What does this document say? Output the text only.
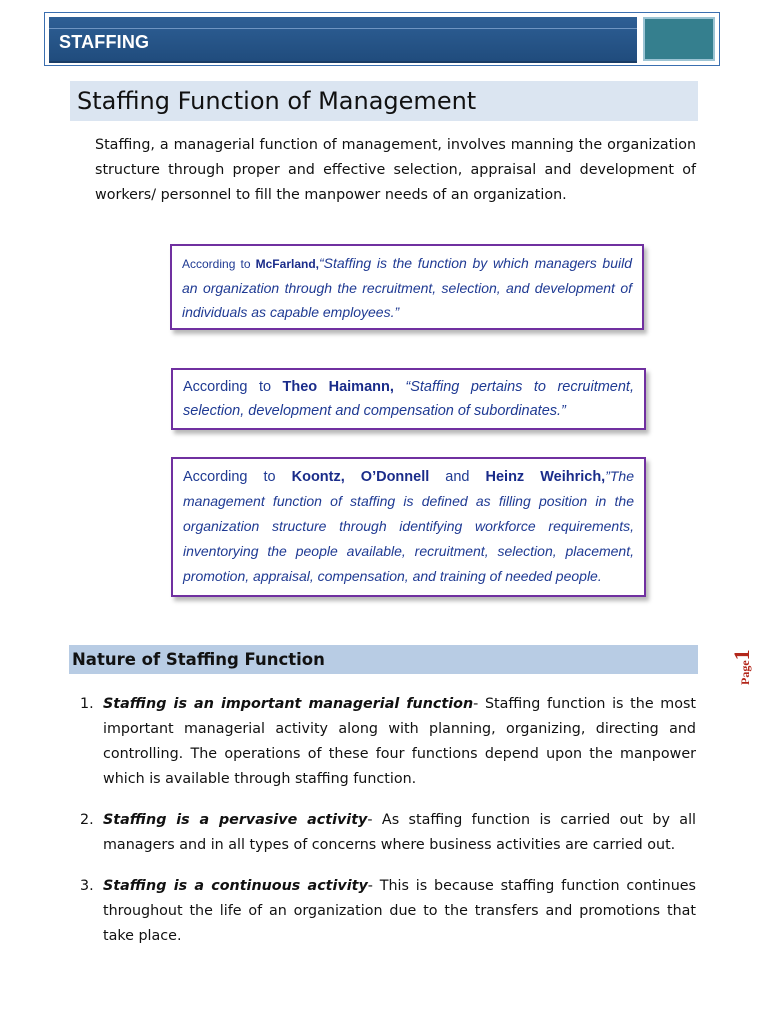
STAFFING
Staffing Function of Management
Staffing, a managerial function of management, involves manning the organization structure through proper and effective selection, appraisal and development of workers/ personnel to fill the manpower needs of an organization.
According to McFarland,“Staffing is the function by which managers build an organization through the recruitment, selection, and development of individuals as capable employees.”
According to Theo Haimann, “Staffing pertains to recruitment, selection, development and compensation of subordinates.”
According to Koontz, O’Donnell and Heinz Weihrich,”The management function of staffing is defined as filling position in the organization structure through identifying workforce requirements, inventorying the people available, recruitment, selection, placement, promotion, appraisal, compensation, and training of needed people.
Nature of Staffing Function
Page1
1. Staffing is an important managerial function- Staffing function is the most important managerial activity along with planning, organizing, directing and controlling. The operations of these four functions depend upon the manpower which is available through staffing function.
2. Staffing is a pervasive activity- As staffing function is carried out by all managers and in all types of concerns where business activities are carried out.
3. Staffing is a continuous activity- This is because staffing function continues throughout the life of an organization due to the transfers and promotions that take place.
